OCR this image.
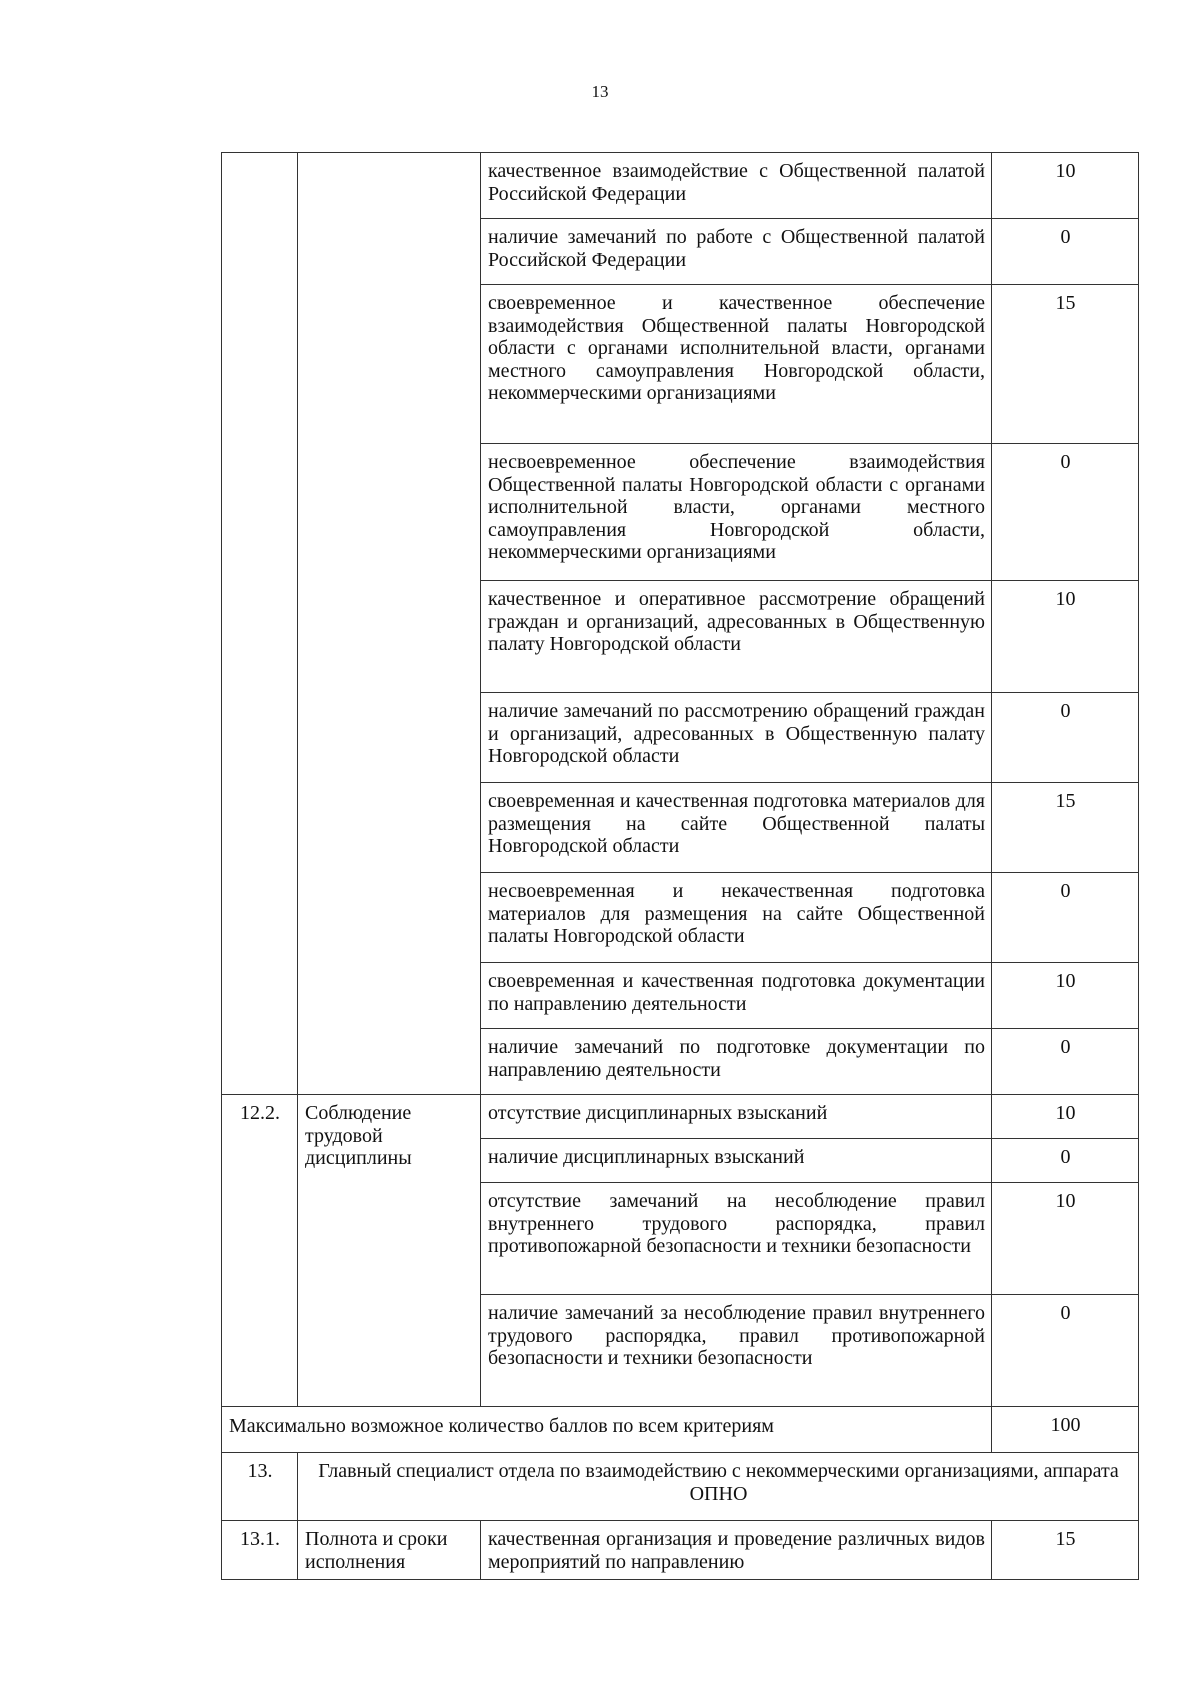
13
		качественное взаимодействие с Общественной палатой Российской Федерации	10
		наличие замечаний по работе с Общественной палатой Российской Федерации	0
		своевременное и качественное обеспечение взаимодействия Общественной палаты Новгородской области с органами исполнительной власти, органами местного самоуправления Новгородской области, некоммерческими организациями	15
		несвоевременное обеспечение взаимодействия Общественной палаты Новгородской области с органами исполнительной власти, органами местного самоуправления Новгородской области, некоммерческими организациями	0
		качественное и оперативное рассмотрение обращений граждан и организаций, адресованных в Общественную палату Новгородской области	10
		наличие замечаний по рассмотрению обращений граждан и организаций, адресованных в Общественную палату Новгородской области	0
		своевременная и качественная подготовка материалов для размещения на сайте Общественной палаты Новгородской области	15
		несвоевременная и некачественная подготовка материалов для размещения на сайте Общественной палаты Новгородской области	0
		своевременная и качественная подготовка документации по направлению деятельности	10
		наличие замечаний по подготовке документации по направлению деятельности	0
12.2.	Соблюдение трудовой дисциплины	отсутствие дисциплинарных взысканий	10
		наличие дисциплинарных взысканий	0
		отсутствие замечаний на несоблюдение правил внутреннего трудового распорядка, правил противопожарной безопасности и техники безопасности	10
		наличие замечаний за несоблюдение правил внутреннего трудового распорядка, правил противопожарной безопасности и техники безопасности	0
Максимально возможное количество баллов по всем критериям			100
13.	Главный специалист отдела по взаимодействию с некоммерческими организациями, аппарата ОПНО		
13.1.	Полнота и сроки исполнения	качественная организация и проведение различных видов мероприятий по направлению	15
